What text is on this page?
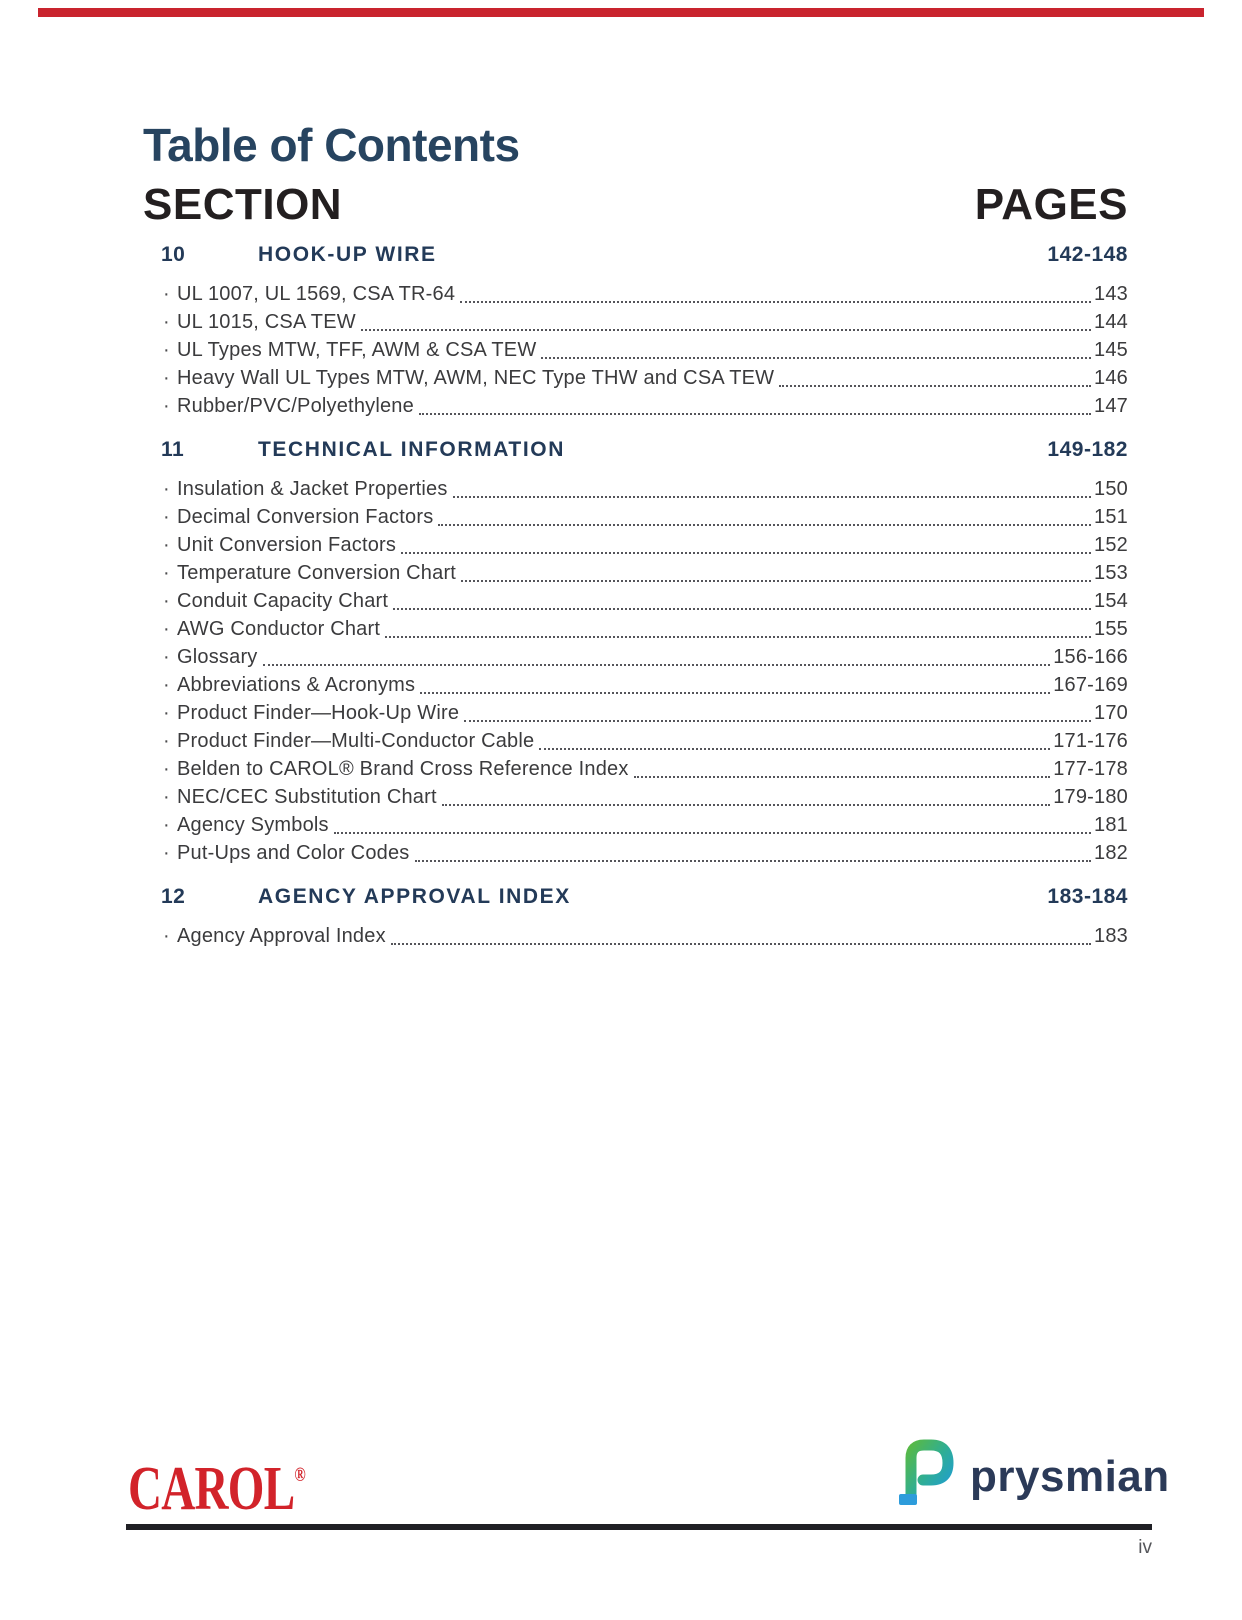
Table of Contents
SECTION	PAGES
10	HOOK-UP WIRE	142-148
· UL 1007, UL 1569, CSA TR-64	143
· UL 1015, CSA TEW	144
· UL Types MTW, TFF, AWM & CSA TEW	145
· Heavy Wall UL Types MTW, AWM, NEC Type THW and CSA TEW	146
· Rubber/PVC/Polyethylene	147
11	TECHNICAL INFORMATION	149-182
· Insulation & Jacket Properties	150
· Decimal Conversion Factors	151
· Unit Conversion Factors	152
· Temperature Conversion Chart	153
· Conduit Capacity Chart	154
· AWG Conductor Chart	155
· Glossary	156-166
· Abbreviations & Acronyms	167-169
· Product Finder—Hook-Up Wire	170
· Product Finder—Multi-Conductor Cable	171-176
· Belden to CAROL® Brand Cross Reference Index	177-178
· NEC/CEC Substitution Chart	179-180
· Agency Symbols	181
· Put-Ups and Color Codes	182
12	AGENCY APPROVAL INDEX	183-184
· Agency Approval Index	183

CAROL®	prysmian

iv
